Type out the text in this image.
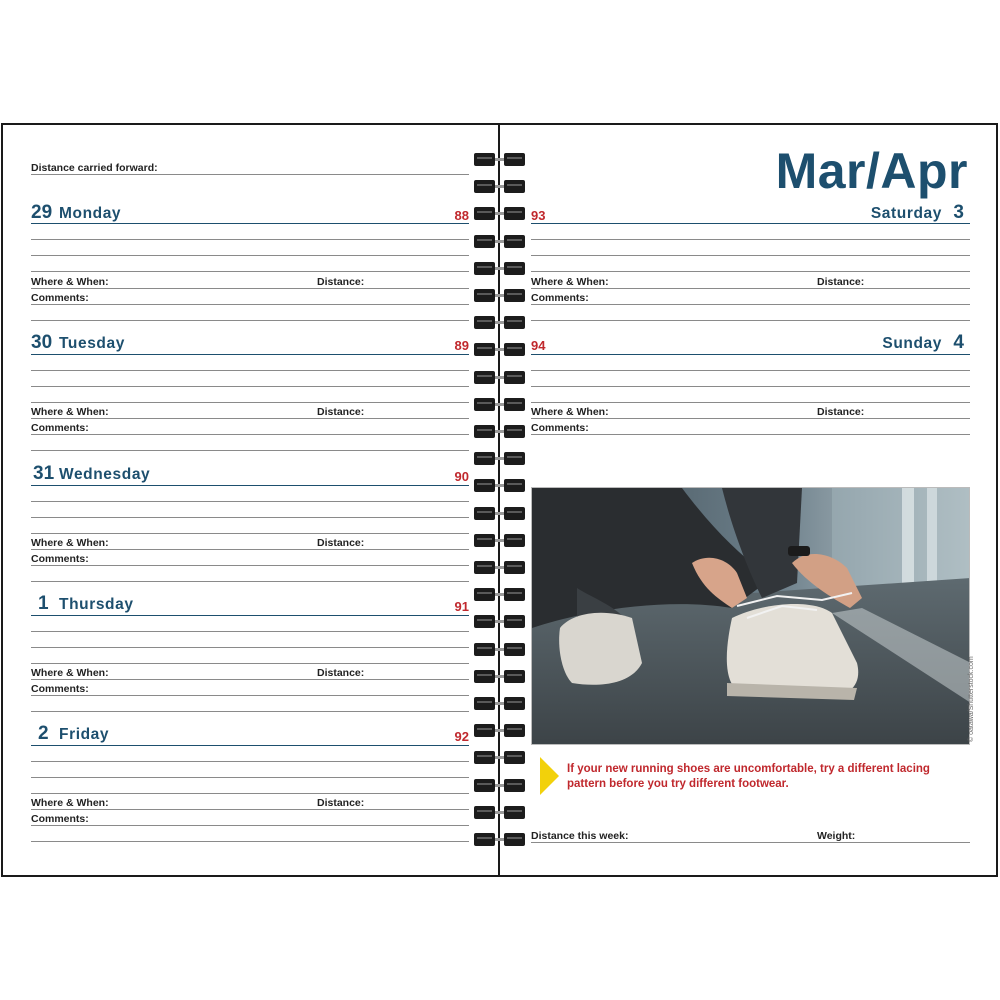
Distance carried forward:
29 Monday	88
Where & When:	Distance:
Comments:
30 Tuesday	89
Where & When:	Distance:
Comments:
31 Wednesday	90
Where & When:	Distance:
Comments:
1 Thursday	91
Where & When:	Distance:
Comments:
2 Friday	92
Where & When:	Distance:
Comments:
Mar/Apr
93	Saturday 3
Where & When:	Distance:
Comments:
94	Sunday 4
Where & When:	Distance:
Comments:
© oatawa/Shutterstock.com
If your new running shoes are uncomfortable, try a different lacing pattern before you try different footwear.
Distance this week:	Weight:
